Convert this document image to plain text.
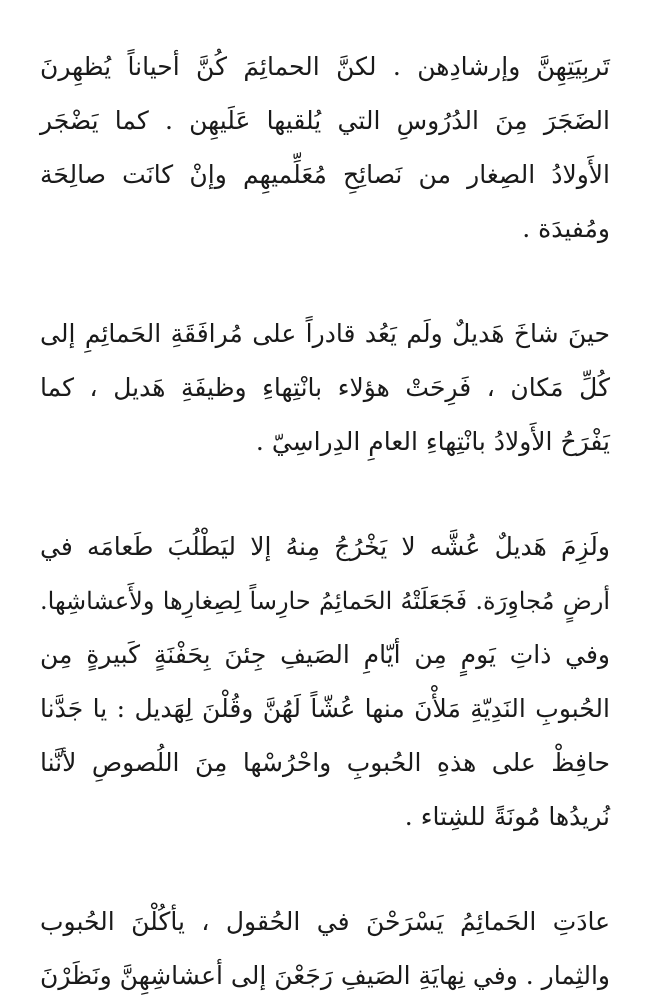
تَربِيَتِهِنَّ وإرشادِهن . لكنَّ الحمائِمَ كُنَّ أحياناً يُظهِرنَ
الضَجَرَ مِنَ الدُرُوسِ التي يُلقيها عَلَيهِن . كما يَضْجَر
الأَولادُ الصِغار من نَصائِحِ مُعَلِّميهِم وإنْ كانَت صالِحَة
ومُفيدَة .
حينَ شاخَ هَديلٌ ولَم يَعُد قادراً على مُرافَقَةِ الحَمائِمِ إلى
كُلِّ مَكان ، فَرِحَتْ هؤلاء بانْتِهاءِ وظيفَةِ هَديل ، كما
يَفْرَحُ الأَولادُ بانْتِهاءِ العامِ الدِراسِيّ .
ولَزِمَ هَديلٌ عُشَّه لا يَخْرُجُ مِنهُ إلا ليَطْلُبَ طَعامَه في
أرضٍ مُجاوِرَة. فَجَعَلَتْهُ الحَمائِمُ حارِساً لِصِغارِها ولأَعشاشِها.
وفي ذاتِ يَومٍ مِن أيّامِ الصَيفِ جِئنَ بِحَفْنَةٍ كَبيرةٍ مِن
الحُبوبِ النَدِيّةِ مَلأْنَ منها عُشّاً لَهُنَّ وقُلْنَ لِهَديل : يا جَدَّنا
حافِظْ على هذهِ الحُبوبِ واحْرُسْها مِنَ اللُصوصِ لأنَّنا
نُريدُها مُونَةً للشِتاء .
عادَتِ الحَمائِمُ يَسْرَحْنَ في الحُقول ، يأكُلْنَ الحُبوب
والثِمار . وفي نِهايَةِ الصَيفِ رَجَعْنَ إلى أعشاشِهِنَّ ونَظَرْنَ
